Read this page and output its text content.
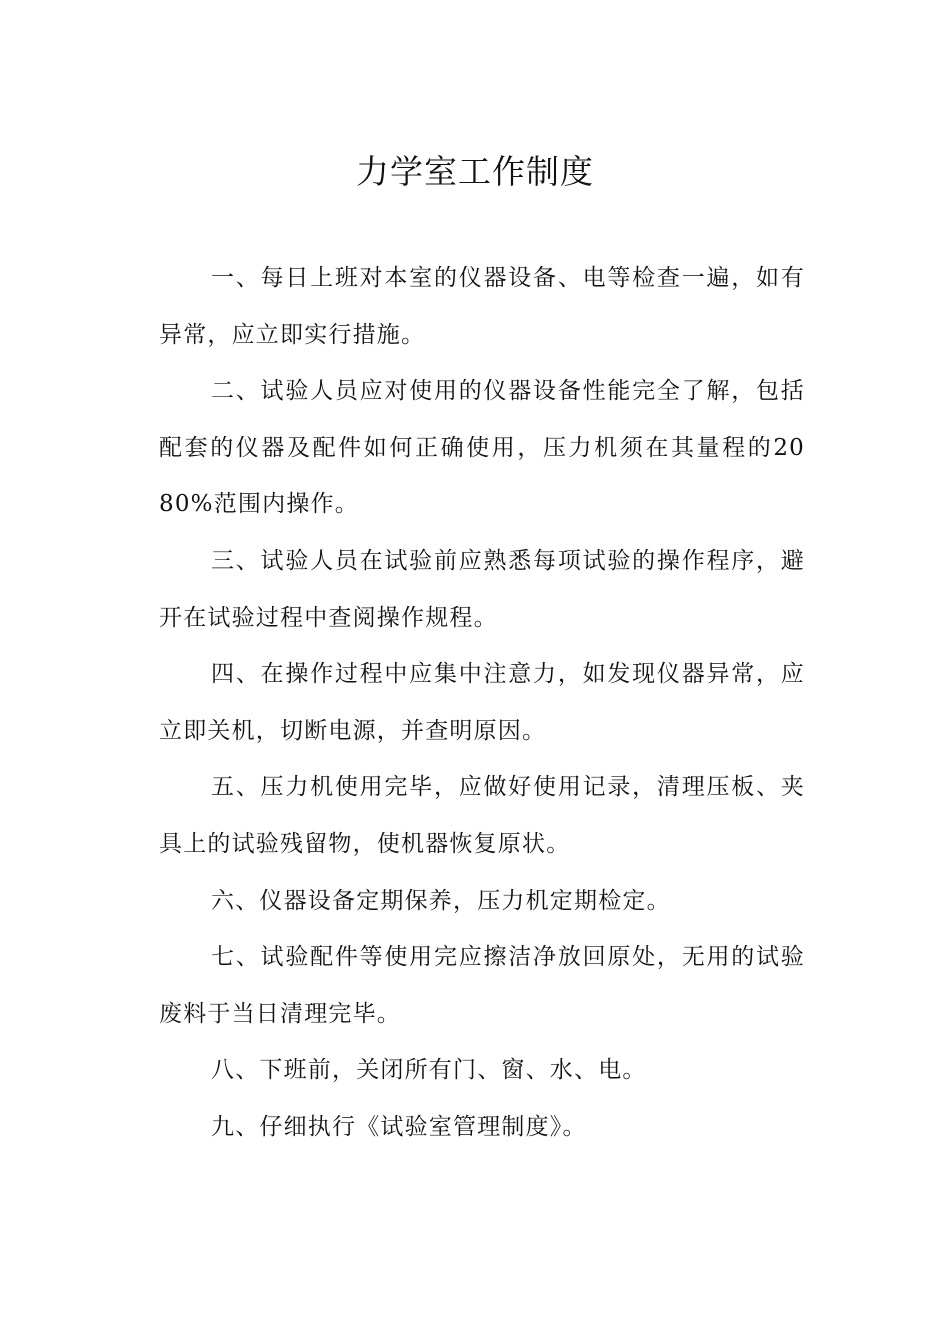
力学室工作制度

一、每日上班对本室的仪器设备、电等检查一遍，如有异常，应立即实行措施。

二、试验人员应对使用的仪器设备性能完全了解，包括配套的仪器及配件如何正确使用，压力机须在其量程的20 80%范围内操作。

三、试验人员在试验前应熟悉每项试验的操作程序，避开在试验过程中查阅操作规程。

四、在操作过程中应集中注意力，如发现仪器异常，应立即关机，切断电源，并查明原因。

五、压力机使用完毕，应做好使用记录，清理压板、夹具上的试验残留物，使机器恢复原状。

六、仪器设备定期保养，压力机定期检定。

七、试验配件等使用完应擦洁净放回原处，无用的试验废料于当日清理完毕。

八、下班前，关闭所有门、窗、水、电。

九、仔细执行《试验室管理制度》。
